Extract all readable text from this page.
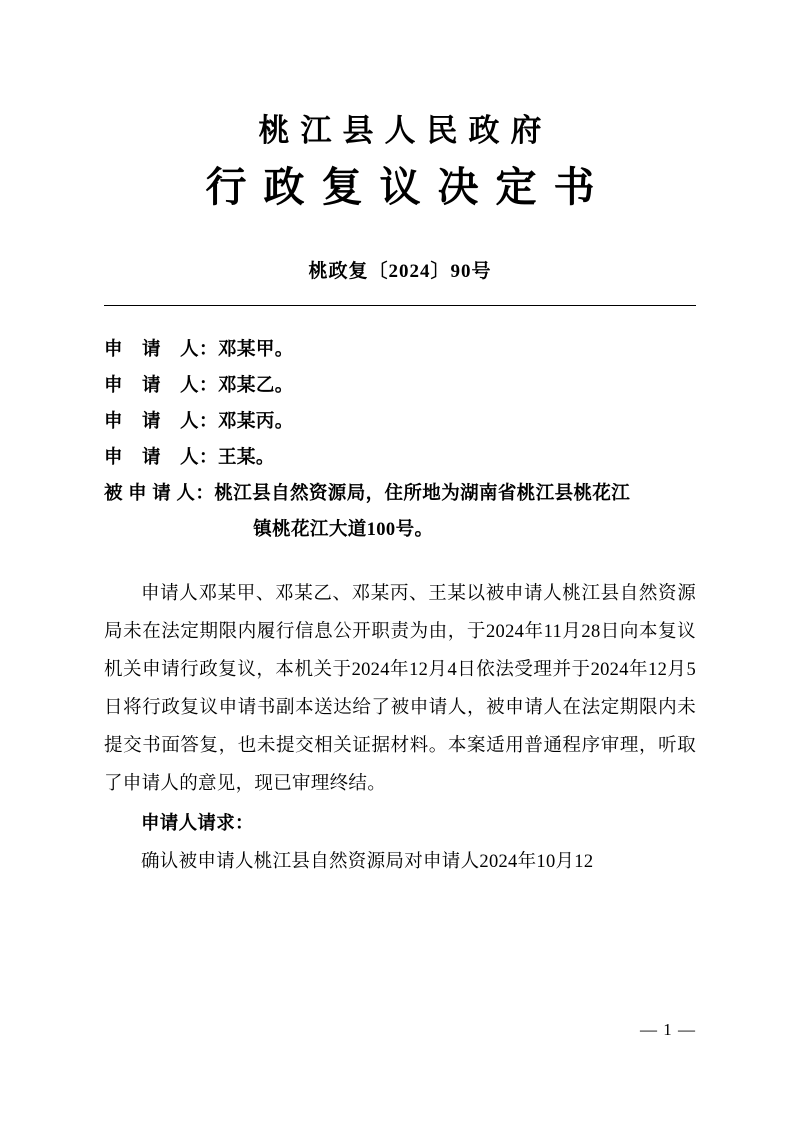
桃江县人民政府
行政复议决定书
桃政复〔2024〕90号
申　请　人： 邓某甲。
申　请　人： 邓某乙。
申　请　人： 邓某丙。
申　请　人： 王某。
被 申 请 人： 桃江县自然资源局，住所地为湖南省桃江县桃花江
镇桃花江大道100号。

申请人邓某甲、邓某乙、邓某丙、王某以被申请人桃江县自然资源局未在法定期限内履行信息公开职责为由，于2024年11月28日向本复议机关申请行政复议，本机关于2024年12月4日依法受理并于2024年12月5日将行政复议申请书副本送达给了被申请人，被申请人在法定期限内未提交书面答复，也未提交相关证据材料。本案适用普通程序审理，听取了申请人的意见，现已审理终结。

申请人请求：

确认被申请人桃江县自然资源局对申请人2024年10月12

— 1 —
